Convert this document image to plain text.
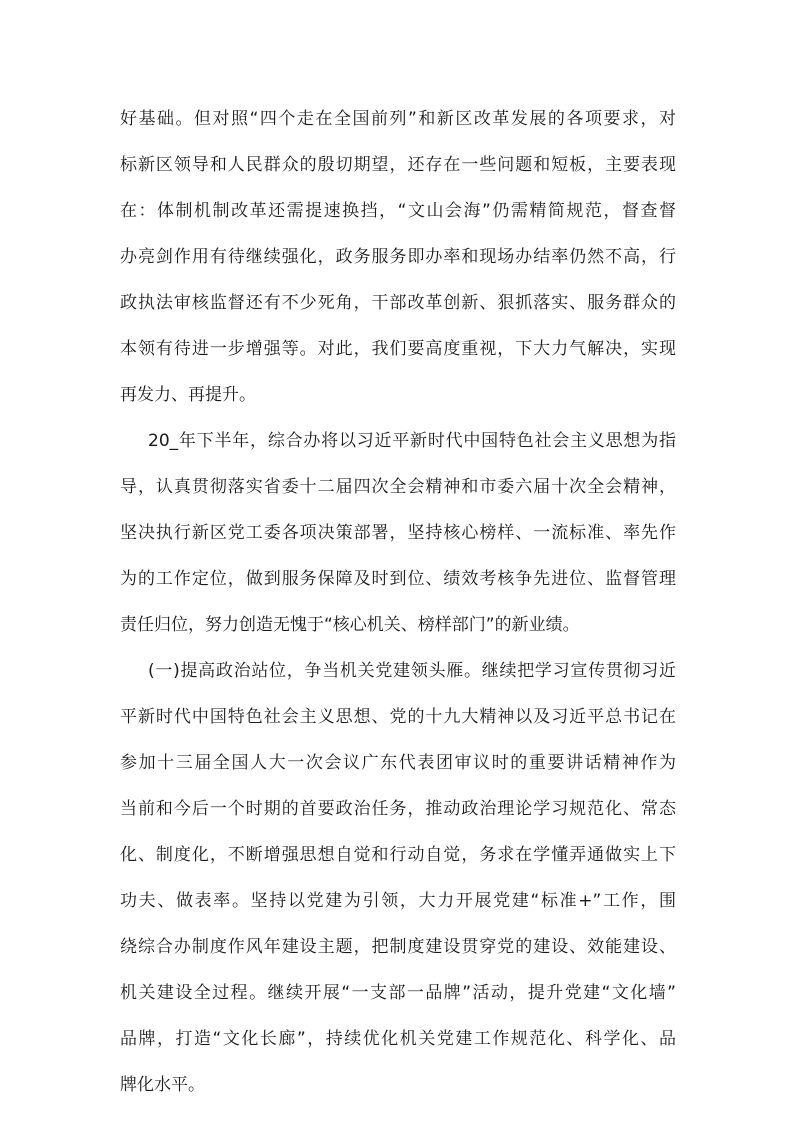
好基础。但对照“四个走在全国前列”和新区改革发展的各项要求，对
标新区领导和人民群众的殷切期望，还存在一些问题和短板，主要表现
在：体制机制改革还需提速换挡，“文山会海”仍需精简规范，督查督
办亮剑作用有待继续强化，政务服务即办率和现场办结率仍然不高，行
政执法审核监督还有不少死角，干部改革创新、狠抓落实、服务群众的
本领有待进一步增强等。对此，我们要高度重视，下大力气解决，实现
再发力、再提升。
20_年下半年，综合办将以习近平新时代中国特色社会主义思想为指
导，认真贯彻落实省委十二届四次全会精神和市委六届十次全会精神，
坚决执行新区党工委各项决策部署，坚持核心榜样、一流标准、率先作
为的工作定位，做到服务保障及时到位、绩效考核争先进位、监督管理
责任归位，努力创造无愧于“核心机关、榜样部门”的新业绩。
(一)提高政治站位，争当机关党建领头雁。继续把学习宣传贯彻习近
平新时代中国特色社会主义思想、党的十九大精神以及习近平总书记在
参加十三届全国人大一次会议广东代表团审议时的重要讲话精神作为
当前和今后一个时期的首要政治任务，推动政治理论学习规范化、常态
化、制度化，不断增强思想自觉和行动自觉，务求在学懂弄通做实上下
功夫、做表率。坚持以党建为引领，大力开展党建“标准+”工作，围
绕综合办制度作风年建设主题，把制度建设贯穿党的建设、效能建设、
机关建设全过程。继续开展“一支部一品牌”活动，提升党建“文化墙”
品牌，打造“文化长廊”，持续优化机关党建工作规范化、科学化、品
牌化水平。
